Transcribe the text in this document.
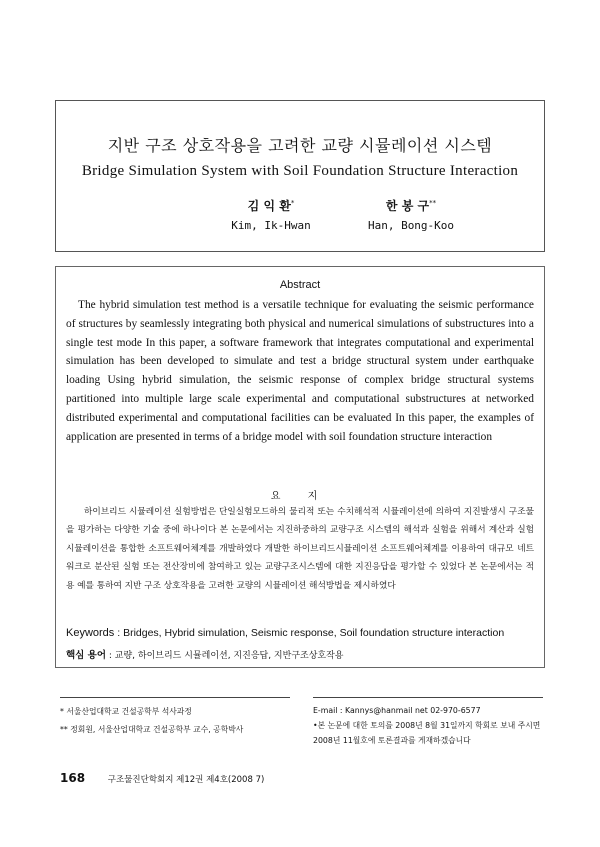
지반 구조 상호작용을 고려한 교량 시뮬레이션 시스템
Bridge Simulation System with Soil Foundation Structure Interaction
김 익 환*	한 봉 구**
Kim, Ik-Hwan	Han, Bong-Koo
Abstract

The hybrid simulation test method is a versatile technique for evaluating the seismic performance of structures by seamlessly integrating both physical and numerical simulations of substructures into a single test mode In this paper, a software framework that integrates computational and experimental simulation has been developed to simulate and test a bridge structural system under earthquake loading Using hybrid simulation, the seismic response of complex bridge structural systems partitioned into multiple large scale experimental and computational substructures at networked distributed experimental and computational facilities can be evaluated In this paper, the examples of application are presented in terms of a bridge model with soil foundation structure interaction

요 지

하이브리드 시뮬레이션 실험방법은 단일실험모드하의 물리적 또는 수치해석적 시뮬레이션에 의하여 지진발생시 구조물을 평가하는 다양한 기술 중에 하나이다 본 논문에서는 지진하중하의 교량구조 시스템의 해석과 실험을 위해서 계산과 실험 시뮬레이션을 통합한 소프트웨어체계를 개발하였다 개발한 하이브리드시뮬레이션 소프트웨어체계를 이용하여 대규모 네트워크로 분산된 실험 또는 전산장비에 참여하고 있는 교량구조시스템에 대한 지진응답을 평가할 수 있었다 본 논문에서는 적용 예를 통하여 지반 구조 상호작용을 고려한 교량의 시뮬레이션 해석방법을 제시하였다

Keywords : Bridges, Hybrid simulation, Seismic response, Soil foundation structure interaction
핵심 용어 : 교량, 하이브리드 시뮬레이션, 지진응답, 지반구조상호작용
* 서울산업대학교 건설공학부 석사과정
** 정회원, 서울산업대학교 건설공학부 교수, 공학박사
E-mail : Kannys@hanmail net 02-970-6577
•본 논문에 대한 토의를 2008년 8월 31일까지 학회로 보내 주시면 2008년 11월호에 토론결과를 게재하겠습니다
168	구조물진단학회지 제12권 제4호(2008 7)
